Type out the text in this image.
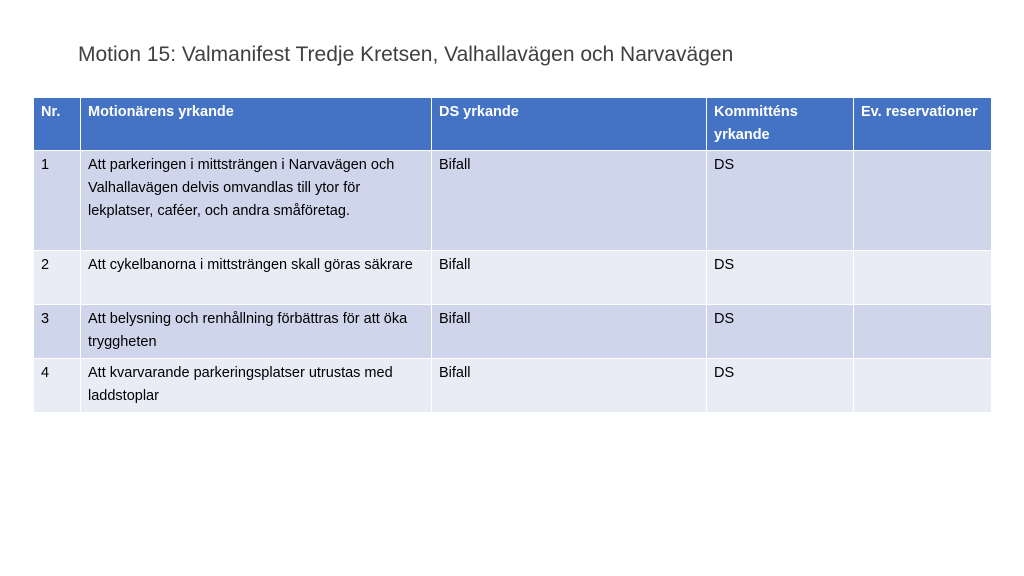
Motion 15: Valmanifest Tredje Kretsen, Valhallavägen och Narvavägen
Nr.	Motionärens yrkande	DS yrkande	Kommitténs yrkande	Ev. reservationer
1	Att parkeringen i mittsträngen i Narvavägen och Valhallavägen delvis omvandlas till ytor för lekplatser, caféer, och andra småföretag.	Bifall	DS	
2	Att cykelbanorna i mittsträngen skall göras säkrare	Bifall	DS	
3	Att belysning och renhållning förbättras för att öka tryggheten	Bifall	DS	
4	Att kvarvarande parkeringsplatser utrustas med laddstoplar	Bifall	DS	
